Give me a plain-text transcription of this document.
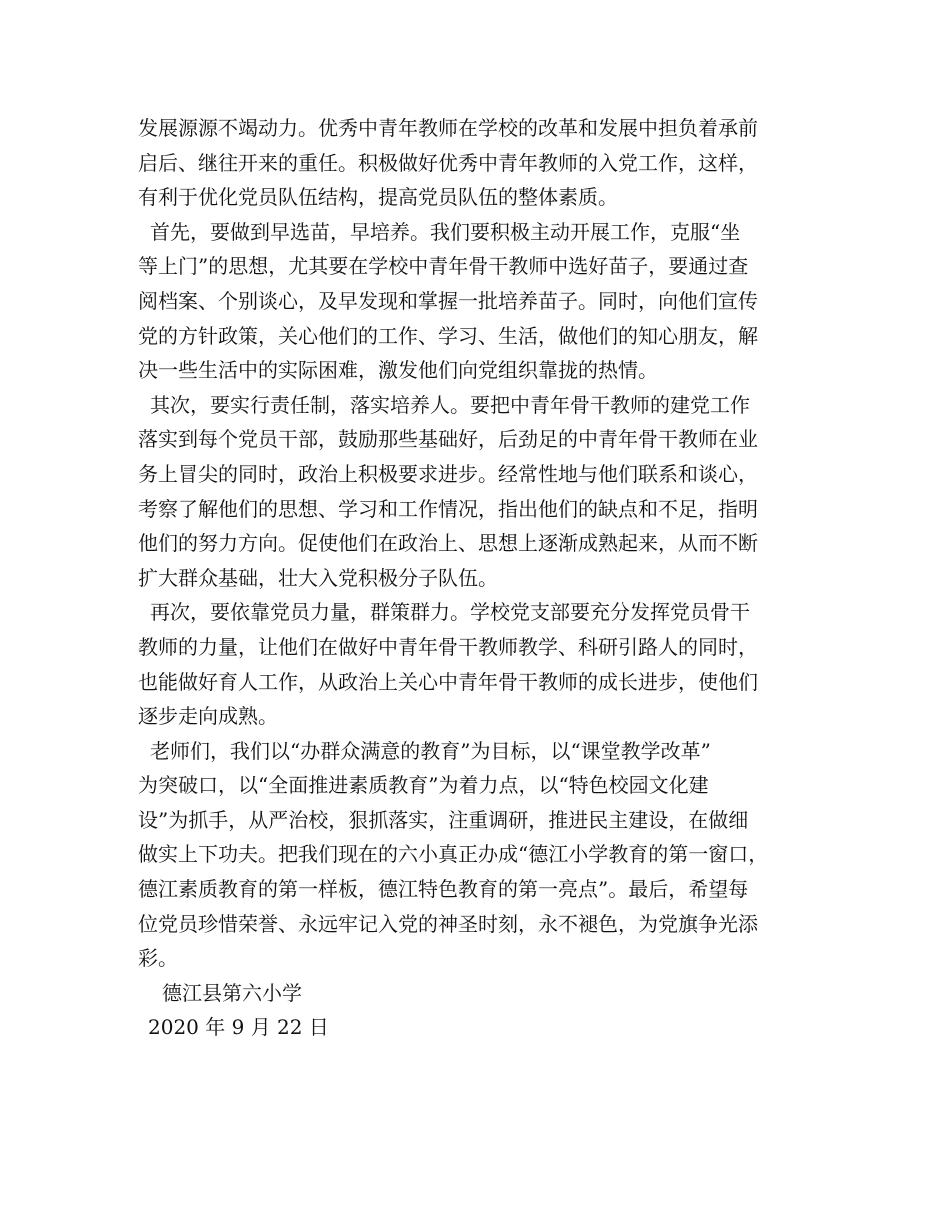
发展源源不竭动力。优秀中青年教师在学校的改革和发展中担负着承前
启后、继往开来的重任。积极做好优秀中青年教师的入党工作，这样，
有利于优化党员队伍结构，提高党员队伍的整体素质。
首先，要做到早选苗，早培养。我们要积极主动开展工作，克服“坐
等上门”的思想，尤其要在学校中青年骨干教师中选好苗子，要通过查
阅档案、个别谈心，及早发现和掌握一批培养苗子。同时，向他们宣传
党的方针政策，关心他们的工作、学习、生活，做他们的知心朋友，解
决一些生活中的实际困难，激发他们向党组织靠拢的热情。
其次，要实行责任制，落实培养人。要把中青年骨干教师的建党工作
落实到每个党员干部，鼓励那些基础好，后劲足的中青年骨干教师在业
务上冒尖的同时，政治上积极要求进步。经常性地与他们联系和谈心，
考察了解他们的思想、学习和工作情况，指出他们的缺点和不足，指明
他们的努力方向。促使他们在政治上、思想上逐渐成熟起来，从而不断
扩大群众基础，壮大入党积极分子队伍。
再次，要依靠党员力量，群策群力。学校党支部要充分发挥党员骨干
教师的力量，让他们在做好中青年骨干教师教学、科研引路人的同时，
也能做好育人工作，从政治上关心中青年骨干教师的成长进步，使他们
逐步走向成熟。
老师们，我们以“办群众满意的教育”为目标，以“课堂教学改革”
为突破口，以“全面推进素质教育”为着力点，以“特色校园文化建
设”为抓手，从严治校，狠抓落实，注重调研，推进民主建设，在做细
做实上下功夫。把我们现在的六小真正办成“德江小学教育的第一窗口，
德江素质教育的第一样板，德江特色教育的第一亮点”。最后，希望每
位党员珍惜荣誉、永远牢记入党的神圣时刻，永不褪色，为党旗争光添
彩。
德江县第六小学
2020 年 9 月 22 日
